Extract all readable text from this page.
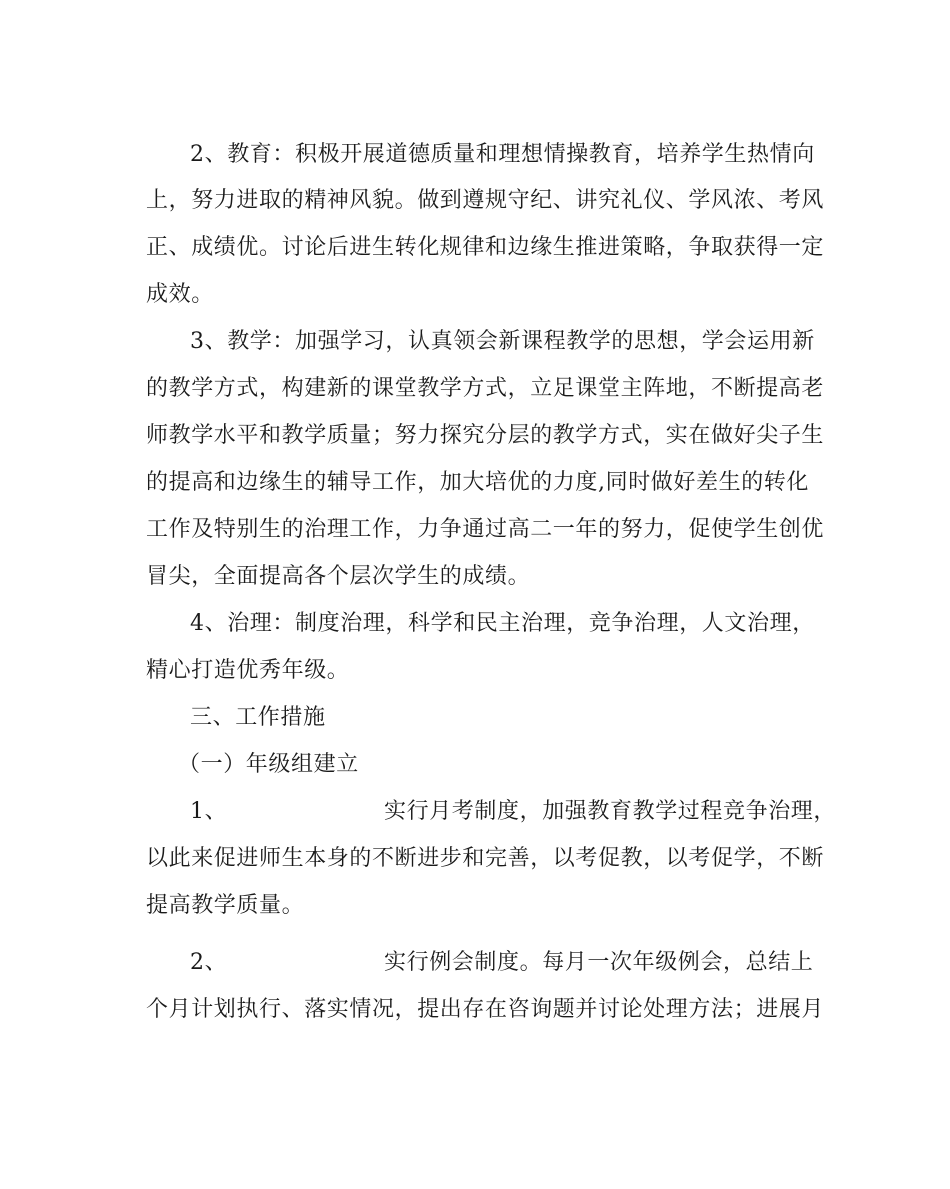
2、教育：积极开展道德质量和理想情操教育，培养学生热情向
上，努力进取的精神风貌。做到遵规守纪、讲究礼仪、学风浓、考风
正、成绩优。讨论后进生转化规律和边缘生推进策略，争取获得一定
成效。
3、教学：加强学习，认真领会新课程教学的思想，学会运用新
的教学方式，构建新的课堂教学方式，立足课堂主阵地，不断提高老
师教学水平和教学质量；努力探究分层的教学方式，实在做好尖子生
的提高和边缘生的辅导工作，加大培优的力度,同时做好差生的转化
工作及特别生的治理工作，力争通过高二一年的努力，促使学生创优
冒尖，全面提高各个层次学生的成绩。
4、治理：制度治理，科学和民主治理，竞争治理，人文治理，
精心打造优秀年级。
三、工作措施
（一）年级组建立
1、	实行月考制度，加强教育教学过程竞争治理，
以此来促进师生本身的不断进步和完善，以考促教，以考促学，不断
提高教学质量。
2、	实行例会制度。每月一次年级例会，总结上
个月计划执行、落实情况，提出存在咨询题并讨论处理方法；进展月
